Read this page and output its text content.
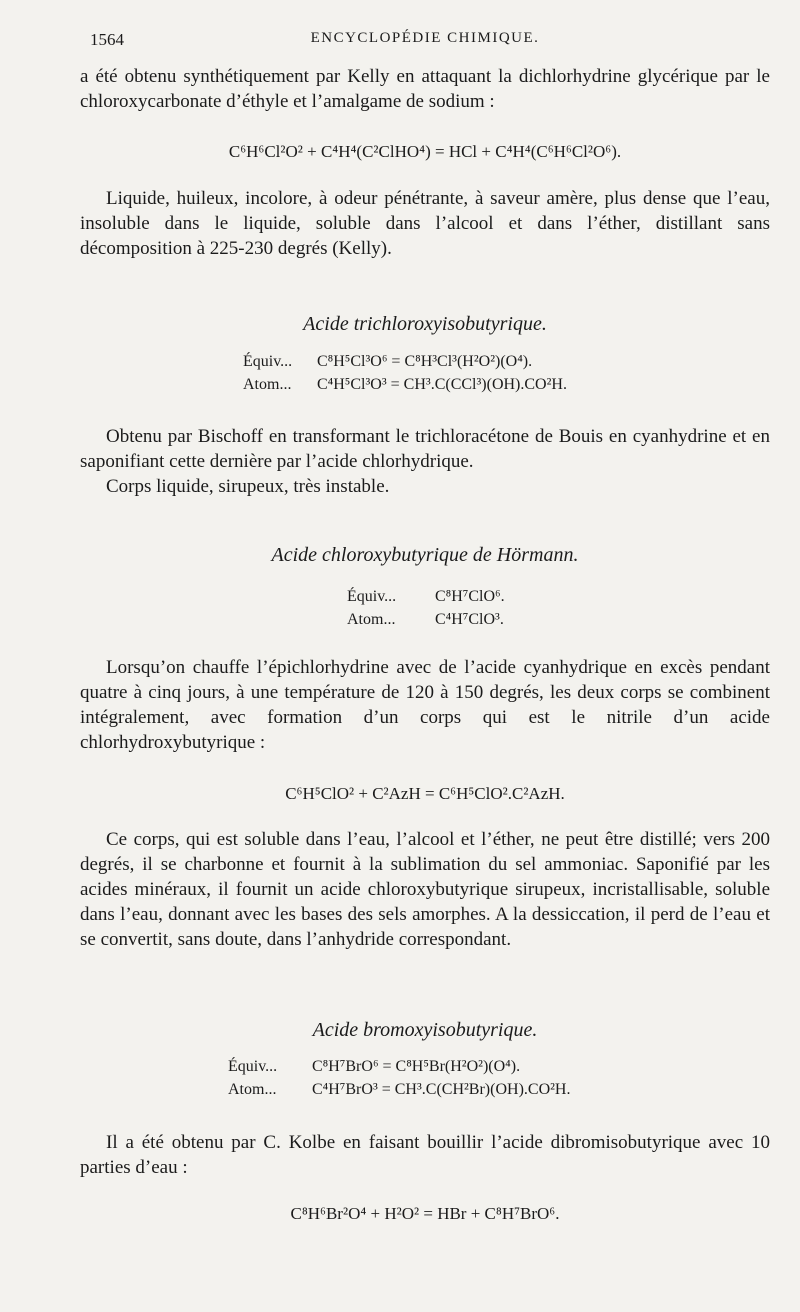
1564	ENCYCLOPÉDIE CHIMIQUE.

a été obtenu synthétiquement par Kelly en attaquant la dichlorhydrine glycérique par le chloroxycarbonate d’éthyle et l’amalgame de sodium :

C⁶H⁶Cl²O² + C⁴H⁴(C²ClHO⁴) = HCl + C⁴H⁴(C⁶H⁶Cl²O⁶).

Liquide, huileux, incolore, à odeur pénétrante, à saveur amère, plus dense que l’eau, insoluble dans le liquide, soluble dans l’alcool et dans l’éther, distillant sans décomposition à 225-230 degrés (Kelly).

Acide trichloroxyisobutyrique.
Équiv... C⁸H⁵Cl³O⁶ = C⁸H³Cl³(H²O²)(O⁴).
Atom... C⁴H⁵Cl³O³ = CH³.C(CCl³)(OH).CO²H.

Obtenu par Bischoff en transformant le trichloracétone de Bouis en cyanhydrine et en saponifiant cette dernière par l’acide chlorhydrique.

Corps liquide, sirupeux, très instable.

Acide chloroxybutyrique de Hörmann.
Équiv... C⁸H⁷ClO⁶.
Atom... C⁴H⁷ClO³.

Lorsqu’on chauffe l’épichlorhydrine avec de l’acide cyanhydrique en excès pendant quatre à cinq jours, à une température de 120 à 150 degrés, les deux corps se combinent intégralement, avec formation d’un corps qui est le nitrile d’un acide chlorhydroxybutyrique :

C⁶H⁵ClO² + C²AzH = C⁶H⁵ClO².C²AzH.

Ce corps, qui est soluble dans l’eau, l’alcool et l’éther, ne peut être distillé; vers 200 degrés, il se charbonne et fournit à la sublimation du sel ammoniac. Saponifié par les acides minéraux, il fournit un acide chloroxybutyrique sirupeux, incristallisable, soluble dans l’eau, donnant avec les bases des sels amorphes. A la dessiccation, il perd de l’eau et se convertit, sans doute, dans l’anhydride correspondant.

Acide bromoxyisobutyrique.
Équiv... C⁸H⁷BrO⁶ = C⁸H⁵Br(H²O²)(O⁴).
Atom... C⁴H⁷BrO³ = CH³.C(CH²Br)(OH).CO²H.

Il a été obtenu par C. Kolbe en faisant bouillir l’acide dibromisobutyrique avec 10 parties d’eau :

C⁸H⁶Br²O⁴ + H²O² = HBr + C⁸H⁷BrO⁶.
